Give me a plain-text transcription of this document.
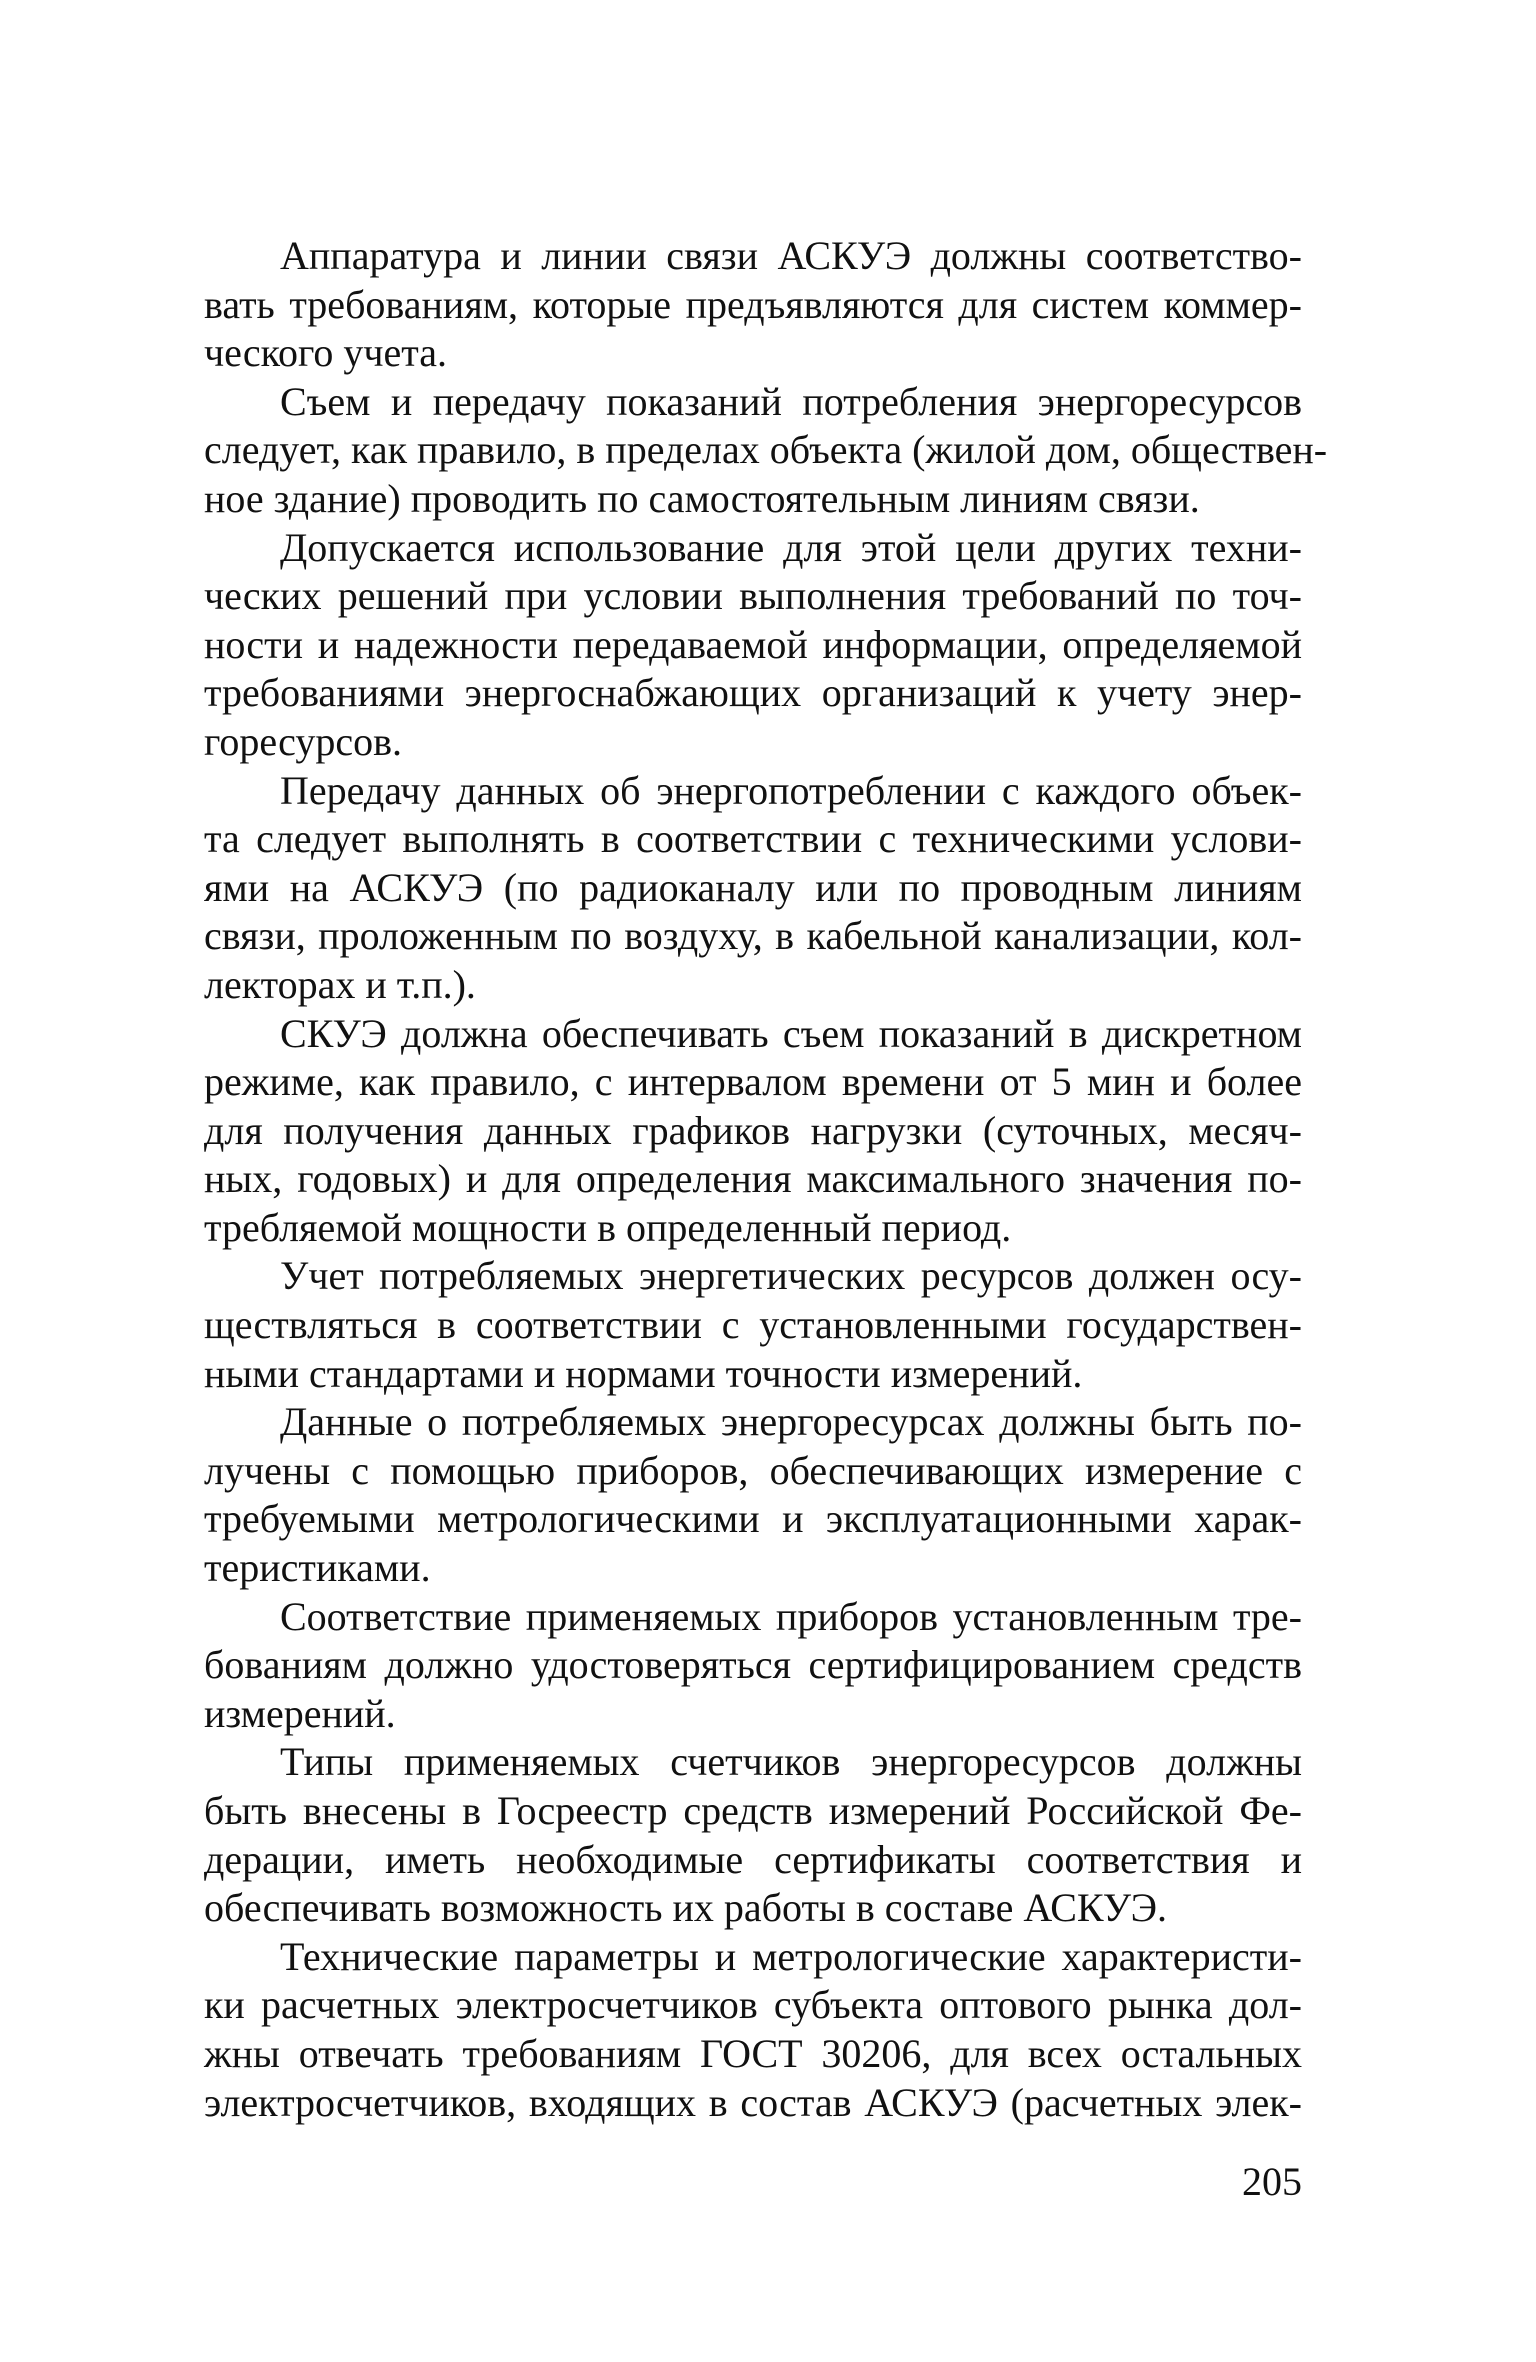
Аппаратура и линии связи АСКУЭ должны соответство-
вать требованиям, которые предъявляются для систем коммер-
ческого учета.
Съем и передачу показаний потребления энергоресурсов
следует, как правило, в пределах объекта (жилой дом, обществен-
ное здание) проводить по самостоятельным линиям связи.
Допускается использование для этой цели других техни-
ческих решений при условии выполнения требований по точ-
ности и надежности передаваемой информации, определяемой
требованиями энергоснабжающих организаций к учету энер-
горесурсов.
Передачу данных об энергопотреблении с каждого объек-
та следует выполнять в соответствии с техническими услови-
ями на АСКУЭ (по радиоканалу или по проводным линиям
связи, проложенным по воздуху, в кабельной канализации, кол-
лекторах и т.п.).
СКУЭ должна обеспечивать съем показаний в дискретном
режиме, как правило, с интервалом времени от 5 мин и более
для получения данных графиков нагрузки (суточных, месяч-
ных, годовых) и для определения максимального значения по-
требляемой мощности в определенный период.
Учет потребляемых энергетических ресурсов должен осу-
ществляться в соответствии с установленными государствен-
ными стандартами и нормами точности измерений.
Данные о потребляемых энергоресурсах должны быть по-
лучены с помощью приборов, обеспечивающих измерение с
требуемыми метрологическими и эксплуатационными харак-
теристиками.
Соответствие применяемых приборов установленным тре-
бованиям должно удостоверяться сертифицированием средств
измерений.
Типы применяемых счетчиков энергоресурсов должны
быть внесены в Госреестр средств измерений Российской Фе-
дерации, иметь необходимые сертификаты соответствия и
обеспечивать возможность их работы в составе АСКУЭ.
Технические параметры и метрологические характеристи-
ки расчетных электросчетчиков субъекта оптового рынка дол-
жны отвечать требованиям ГОСТ 30206, для всех остальных
электросчетчиков, входящих в состав АСКУЭ (расчетных элек-
205
